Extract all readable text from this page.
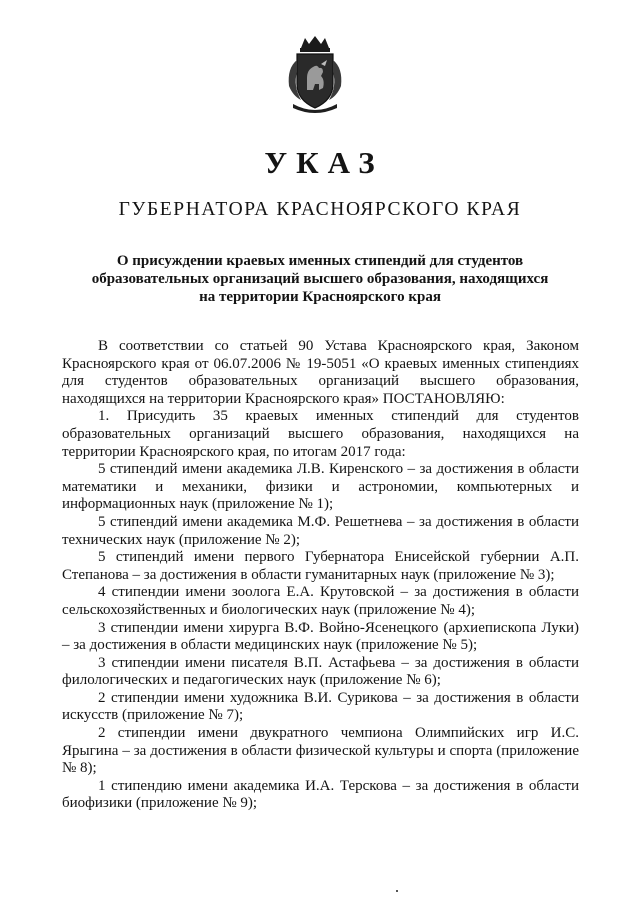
УКАЗ
ГУБЕРНАТОРА КРАСНОЯРСКОГО КРАЯ
О присуждении краевых именных стипендий для студентов
образовательных организаций высшего образования, находящихся
на территории Красноярского края

В соответствии со статьей 90 Устава Красноярского края, Законом Красноярского края от 06.07.2006 № 19-5051 «О краевых именных стипендиях для студентов образовательных организаций высшего образования, находящихся на территории Красноярского края» ПОСТАНОВЛЯЮ:

1. Присудить 35 краевых именных стипендий для студентов образовательных организаций высшего образования, находящихся на территории Красноярского края, по итогам 2017 года:

5 стипендий имени академика Л.В. Киренского – за достижения в области математики и механики, физики и астрономии, компьютерных и информационных наук (приложение № 1);

5 стипендий имени академика М.Ф. Решетнева – за достижения в области технических наук (приложение № 2);

5 стипендий имени первого Губернатора Енисейской губернии А.П. Степанова – за достижения в области гуманитарных наук (приложение № 3);

4 стипендии имени зоолога Е.А. Крутовской – за достижения в области сельскохозяйственных и биологических наук (приложение № 4);

3 стипендии имени хирурга В.Ф. Войно-Ясенецкого (архиепископа Луки) – за достижения в области медицинских наук (приложение № 5);

3 стипендии имени писателя В.П. Астафьева – за достижения в области филологических и педагогических наук (приложение № 6);

2 стипендии имени художника В.И. Сурикова – за достижения в области искусств (приложение № 7);

2 стипендии имени двукратного чемпиона Олимпийских игр И.С. Ярыгина – за достижения в области физической культуры и спорта (приложение № 8);

1 стипендию имени академика И.А. Терскова – за достижения в области биофизики (приложение № 9);
